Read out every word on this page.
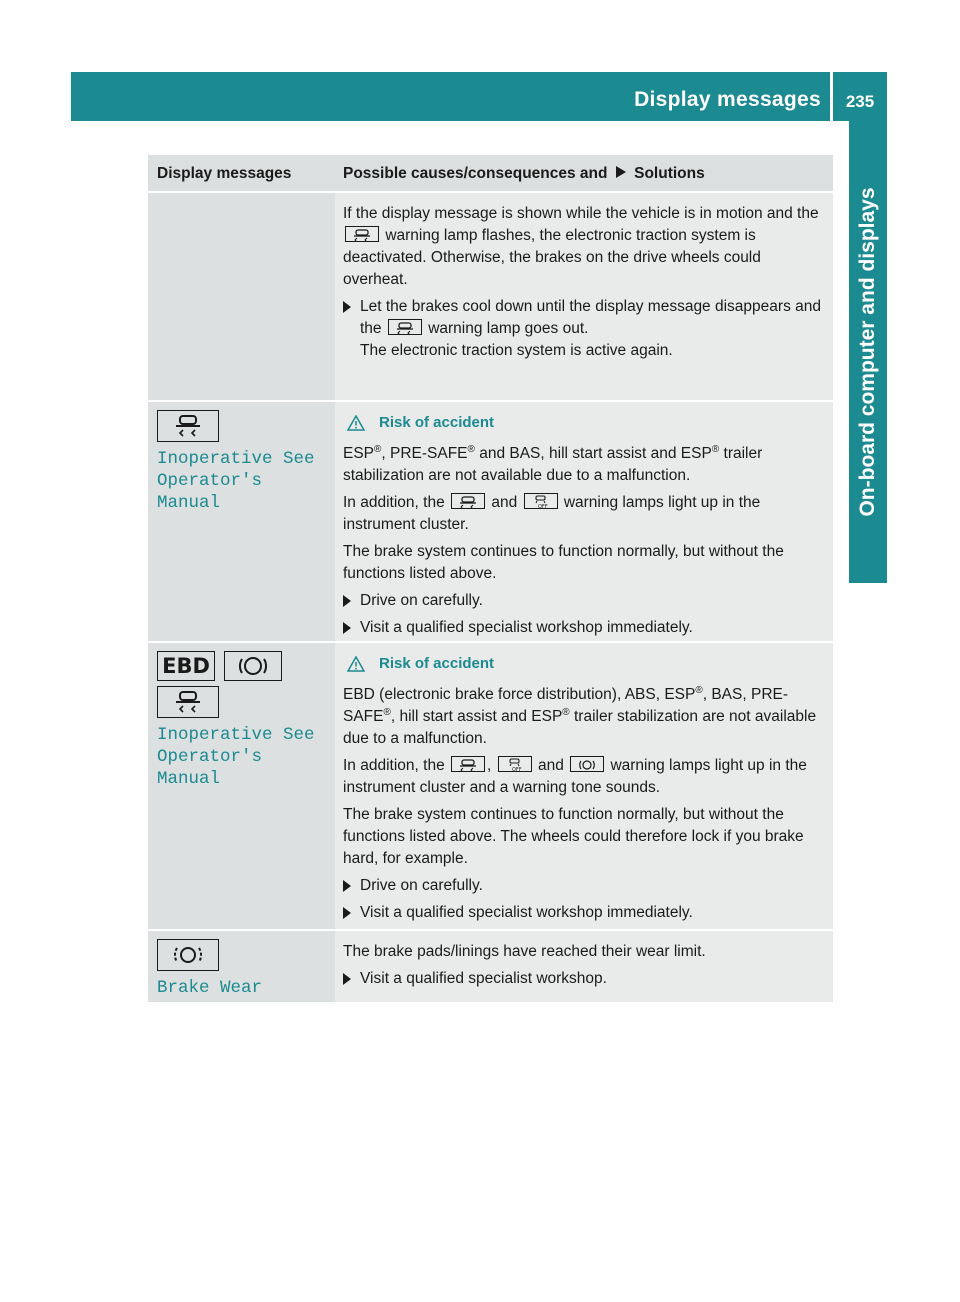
Display messages	235
On-board computer and displays
Display messages	Possible causes/consequences and Solutions

If the display message is shown while the vehicle is in motion and the  warning lamp flashes, the electronic traction system is deactivated. Otherwise, the brakes on the drive wheels could overheat.

Let the brakes cool down until the display message disappears and the	warning lamp goes out.
The electronic traction system is active again.
Inoperative See
Operator's Manual
Risk of accident

ESP®, PRE-SAFE® and BAS, hill start assist and ESP® trailer stabilization are not available due to a malfunction.

In addition, the	and	OFF warning lamps light up in the instrument cluster.

The brake system continues to function normally, but without the functions listed above.

Drive on carefully.
Visit a qualified specialist workshop immediately.
EBD
Inoperative See
Operator's Manual
Risk of accident

EBD (electronic brake force distribution), ABS, ESP®, BAS, PRE-SAFE®, hill start assist and ESP® trailer stabilization are not available due to a malfunction.

In addition, the	,	OFF and	warning lamps light up in the instrument cluster and a warning tone sounds.

The brake system continues to function normally, but without the functions listed above. The wheels could therefore lock if you brake hard, for example.

Drive on carefully.
Visit a qualified specialist workshop immediately.
Brake Wear

The brake pads/linings have reached their wear limit.

Visit a qualified specialist workshop.
